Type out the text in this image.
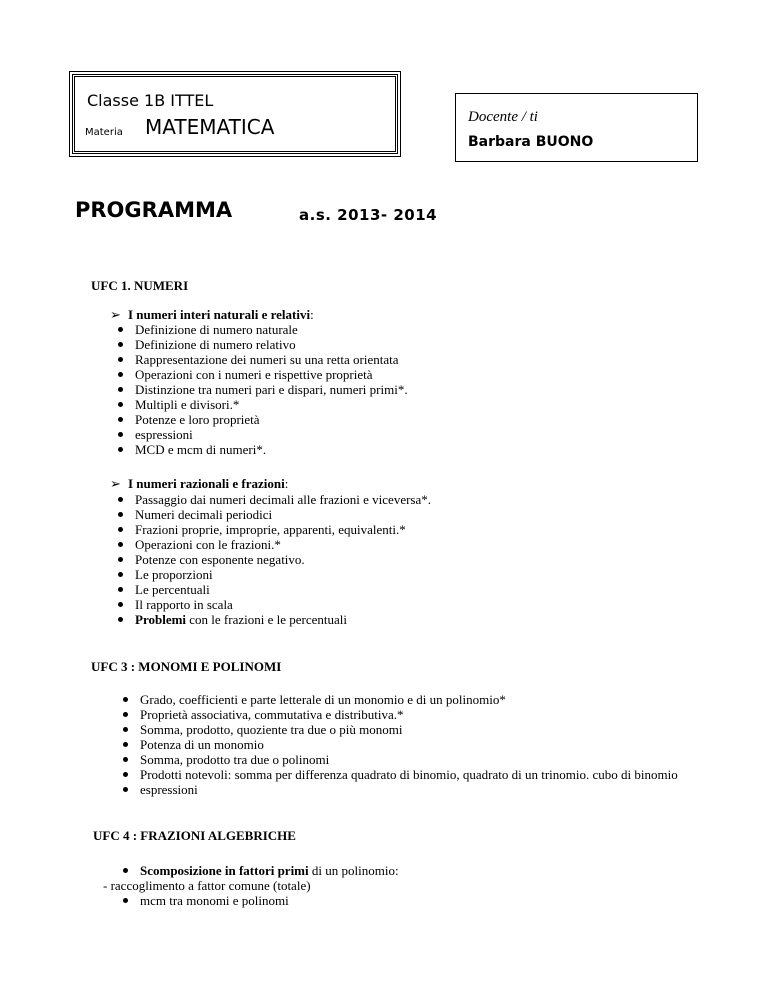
Classe 1B ITTEL
Materia MATEMATICA	Docente / ti
Barbara BUONO
PROGRAMMA	a.s. 2013- 2014
UFC 1. NUMERI
➢ I numeri interi naturali e relativi:
Definizione di numero naturale
Definizione di numero relativo
Rappresentazione dei numeri su una retta orientata
Operazioni con i numeri e rispettive proprietà
Distinzione tra numeri pari e dispari, numeri primi*.
Multipli e divisori.*
Potenze e loro proprietà
espressioni
MCD e mcm di numeri*.
➢ I numeri razionali e frazioni:
Passaggio dai numeri decimali alle frazioni e viceversa*.
Numeri decimali periodici
Frazioni proprie, improprie, apparenti, equivalenti.*
Operazioni con le frazioni.*
Potenze con esponente negativo.
Le proporzioni
Le percentuali
Il rapporto in scala
Problemi con le frazioni e le percentuali
UFC 3 : MONOMI E POLINOMI
Grado, coefficienti e parte letterale di un monomio e di un polinomio*
Proprietà associativa, commutativa e distributiva.*
Somma, prodotto, quoziente tra due o più monomi
Potenza di un monomio
Somma, prodotto tra due o polinomi
Prodotti notevoli: somma per differenza quadrato di binomio, quadrato di un trinomio. cubo di binomio
espressioni
UFC 4 : FRAZIONI ALGEBRICHE
Scomposizione in fattori primi di un polinomio:
- raccoglimento a fattor comune (totale)
mcm tra monomi e polinomi
